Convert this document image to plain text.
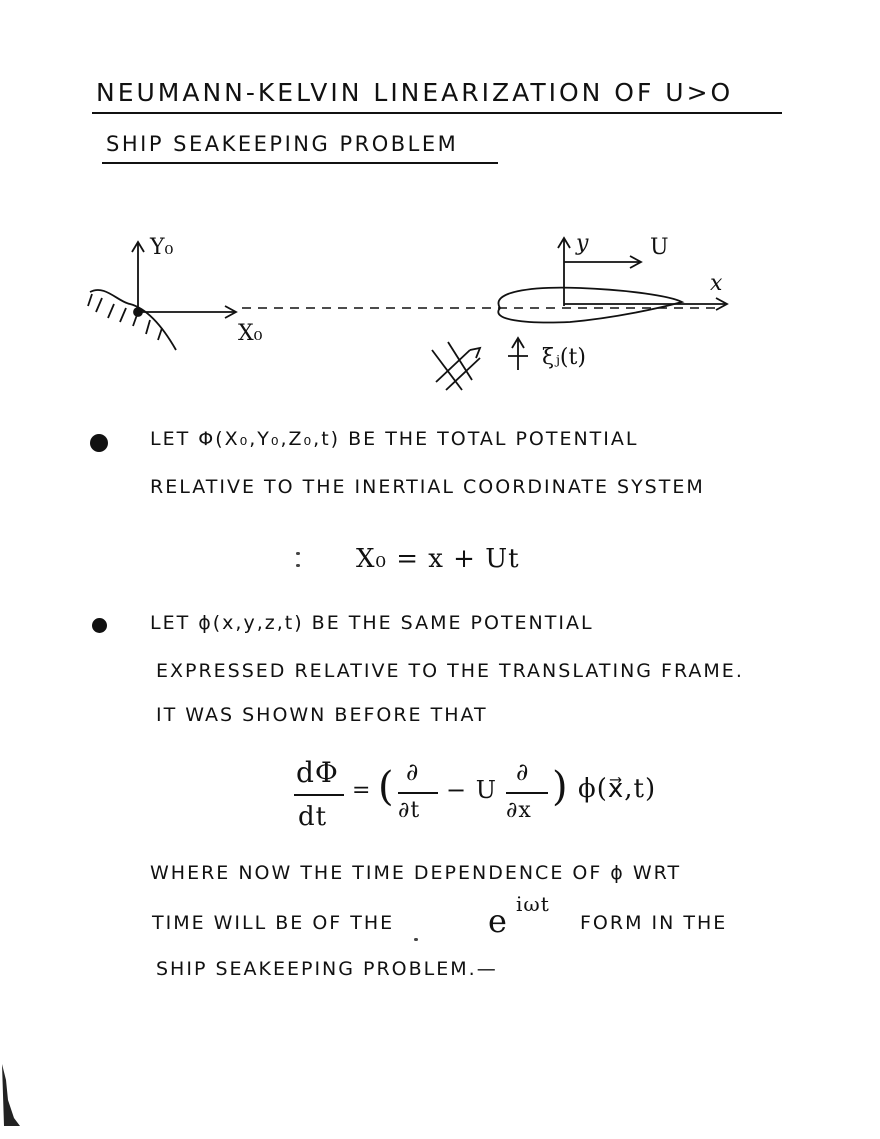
NEUMANN-KELVIN LINEARIZATION OF U>O
SHIP SEAKEEPING PROBLEM
Y₀
X₀
x
y	U
ξⱼ(t)
LET Φ(X₀,Y₀,Z₀,t) BE THE TOTAL POTENTIAL
RELATIVE TO THE INERTIAL COORDINATE SYSTEM
X₀ = x + Ut
LET ϕ(x,y,z,t) BE THE SAME POTENTIAL
EXPRESSED RELATIVE TO THE TRANSLATING FRAME.
IT WAS SHOWN BEFORE THAT
dΦ
dt
= ( ∂
∂t
− U
∂
∂x
) ϕ(x⃗,t)
WHERE NOW THE TIME DEPENDENCE OF ϕ WRT
TIME WILL BE OF THE	e iωt
FORM IN THE
SHIP SEAKEEPING PROBLEM.—
